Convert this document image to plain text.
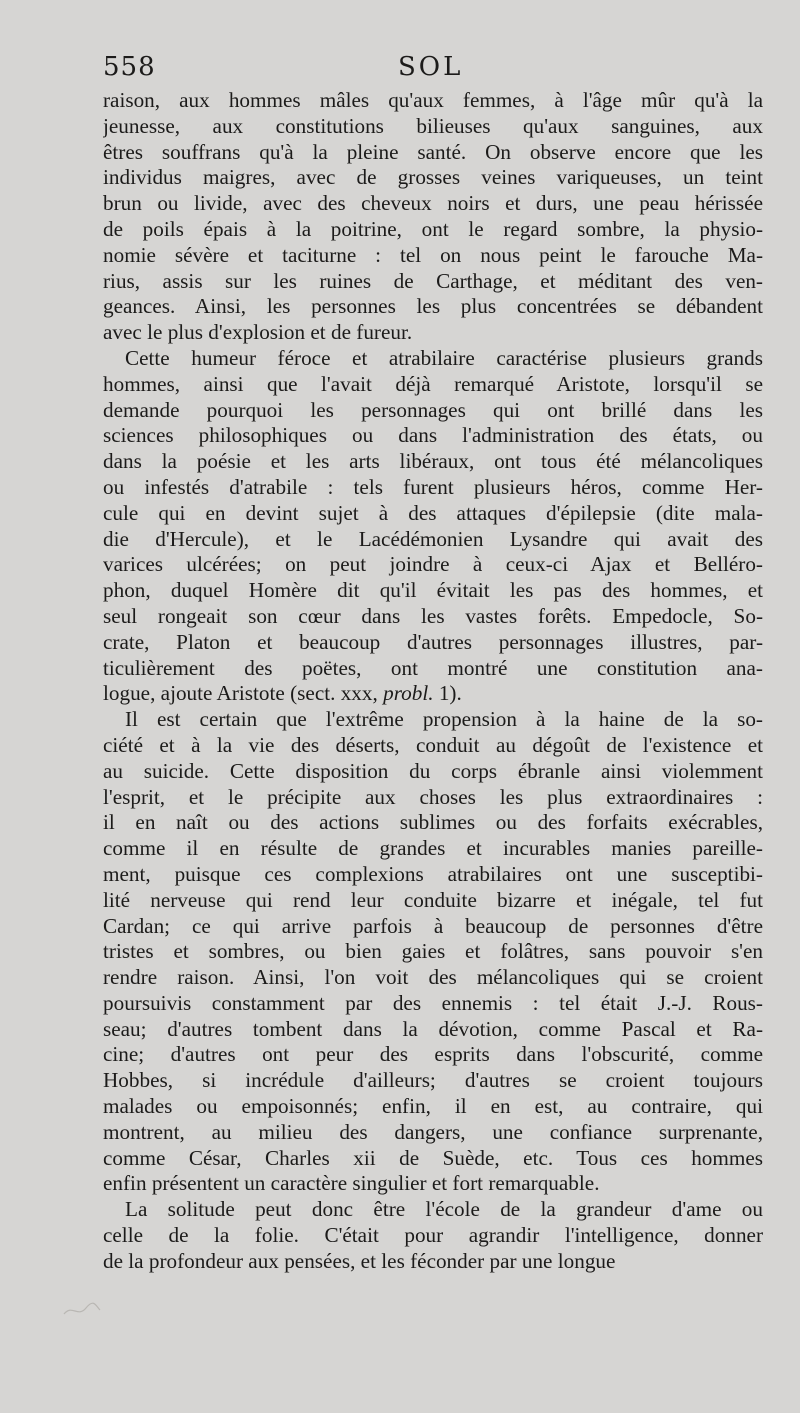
558	SOL
raison, aux hommes mâles qu'aux femmes, à l'âge mûr qu'à la
jeunesse, aux constitutions bilieuses qu'aux sanguines, aux
êtres souffrans qu'à la pleine santé. On observe encore que les
individus maigres, avec de grosses veines variqueuses, un teint
brun ou livide, avec des cheveux noirs et durs, une peau hérissée
de poils épais à la poitrine, ont le regard sombre, la physio-
nomie sévère et taciturne : tel on nous peint le farouche Ma-
rius, assis sur les ruines de Carthage, et méditant des ven-
geances. Ainsi, les personnes les plus concentrées se débandent
avec le plus d'explosion et de fureur.
Cette humeur féroce et atrabilaire caractérise plusieurs grands
hommes, ainsi que l'avait déjà remarqué Aristote, lorsqu'il se
demande pourquoi les personnages qui ont brillé dans les
sciences philosophiques ou dans l'administration des états, ou
dans la poésie et les arts libéraux, ont tous été mélancoliques
ou infestés d'atrabile : tels furent plusieurs héros, comme Her-
cule qui en devint sujet à des attaques d'épilepsie (dite mala-
die d'Hercule), et le Lacédémonien Lysandre qui avait des
varices ulcérées; on peut joindre à ceux-ci Ajax et Belléro-
phon, duquel Homère dit qu'il évitait les pas des hommes, et
seul rongeait son cœur dans les vastes forêts. Empedocle, So-
crate, Platon et beaucoup d'autres personnages illustres, par-
ticulièrement des poëtes, ont montré une constitution ana-
logue, ajoute Aristote (sect. xxx, probl. 1).
Il est certain que l'extrême propension à la haine de la so-
ciété et à la vie des déserts, conduit au dégoût de l'existence et
au suicide. Cette disposition du corps ébranle ainsi violemment
l'esprit, et le précipite aux choses les plus extraordinaires :
il en naît ou des actions sublimes ou des forfaits exécrables,
comme il en résulte de grandes et incurables manies pareille-
ment, puisque ces complexions atrabilaires ont une susceptibi-
lité nerveuse qui rend leur conduite bizarre et inégale, tel fut
Cardan; ce qui arrive parfois à beaucoup de personnes d'être
tristes et sombres, ou bien gaies et folâtres, sans pouvoir s'en
rendre raison. Ainsi, l'on voit des mélancoliques qui se croient
poursuivis constamment par des ennemis : tel était J.-J. Rous-
seau; d'autres tombent dans la dévotion, comme Pascal et Ra-
cine; d'autres ont peur des esprits dans l'obscurité, comme
Hobbes, si incrédule d'ailleurs; d'autres se croient toujours
malades ou empoisonnés; enfin, il en est, au contraire, qui
montrent, au milieu des dangers, une confiance surprenante,
comme César, Charles xii de Suède, etc. Tous ces hommes
enfin présentent un caractère singulier et fort remarquable.
La solitude peut donc être l'école de la grandeur d'ame ou
celle de la folie. C'était pour agrandir l'intelligence, donner
de la profondeur aux pensées, et les féconder par une longue
